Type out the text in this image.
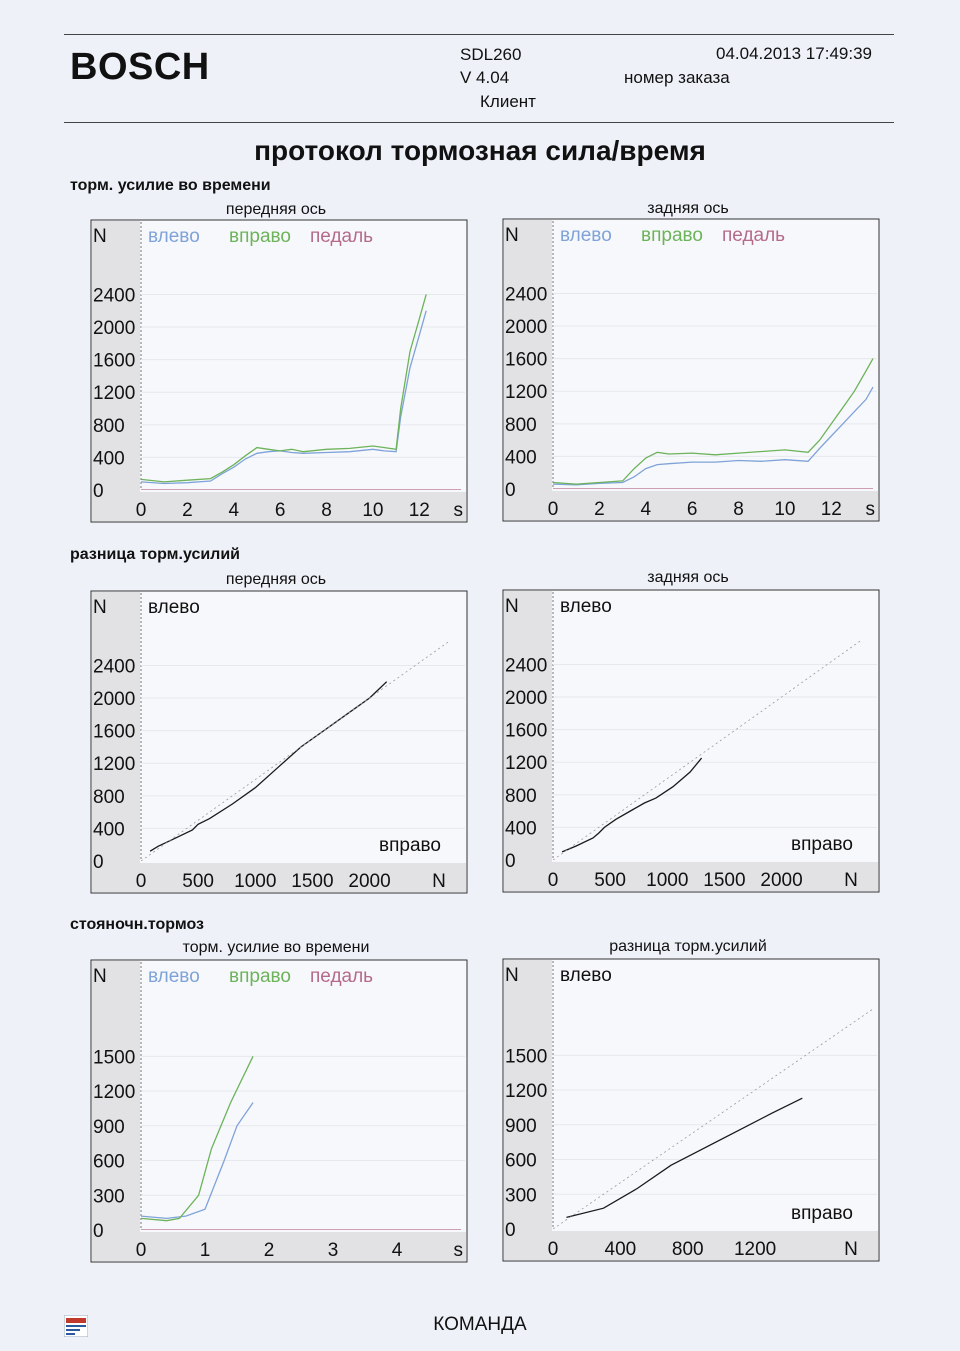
BOSCH	SDL260
V 4.04
Клиент
04.04.2013 17:49:39
номер заказа
протокол тормозная сила/время
торм. усилие во времени
разница торм.усилий
стояночн.тормоз
передняя ось	задняя ось
передняя ось	задняя ось
торм. усилие во времени	разница торм.усилий
0
400
800
1200
1600
2000
2400
0 2 4 6 8 10 12
N
s
влево вправо педаль
0
400
800
1200
1600
2000
2400
0 2 4 6 8 10 12
N
s
влево вправо педаль
0
400
800
1200
1600
2000
2400
0 500 1000 1500 2000
N влево
вправо
N
0
400
800
1200
1600
2000
2400
0 500 1000 1500 2000
N влево
вправо
N
0
300
600
900
1200
1500
0	1	2	3	4
N
s
влево вправо педаль
0
300
600
900
1200
1500
0 400 800 1200
N влево
вправо
N
КОМАНДА
